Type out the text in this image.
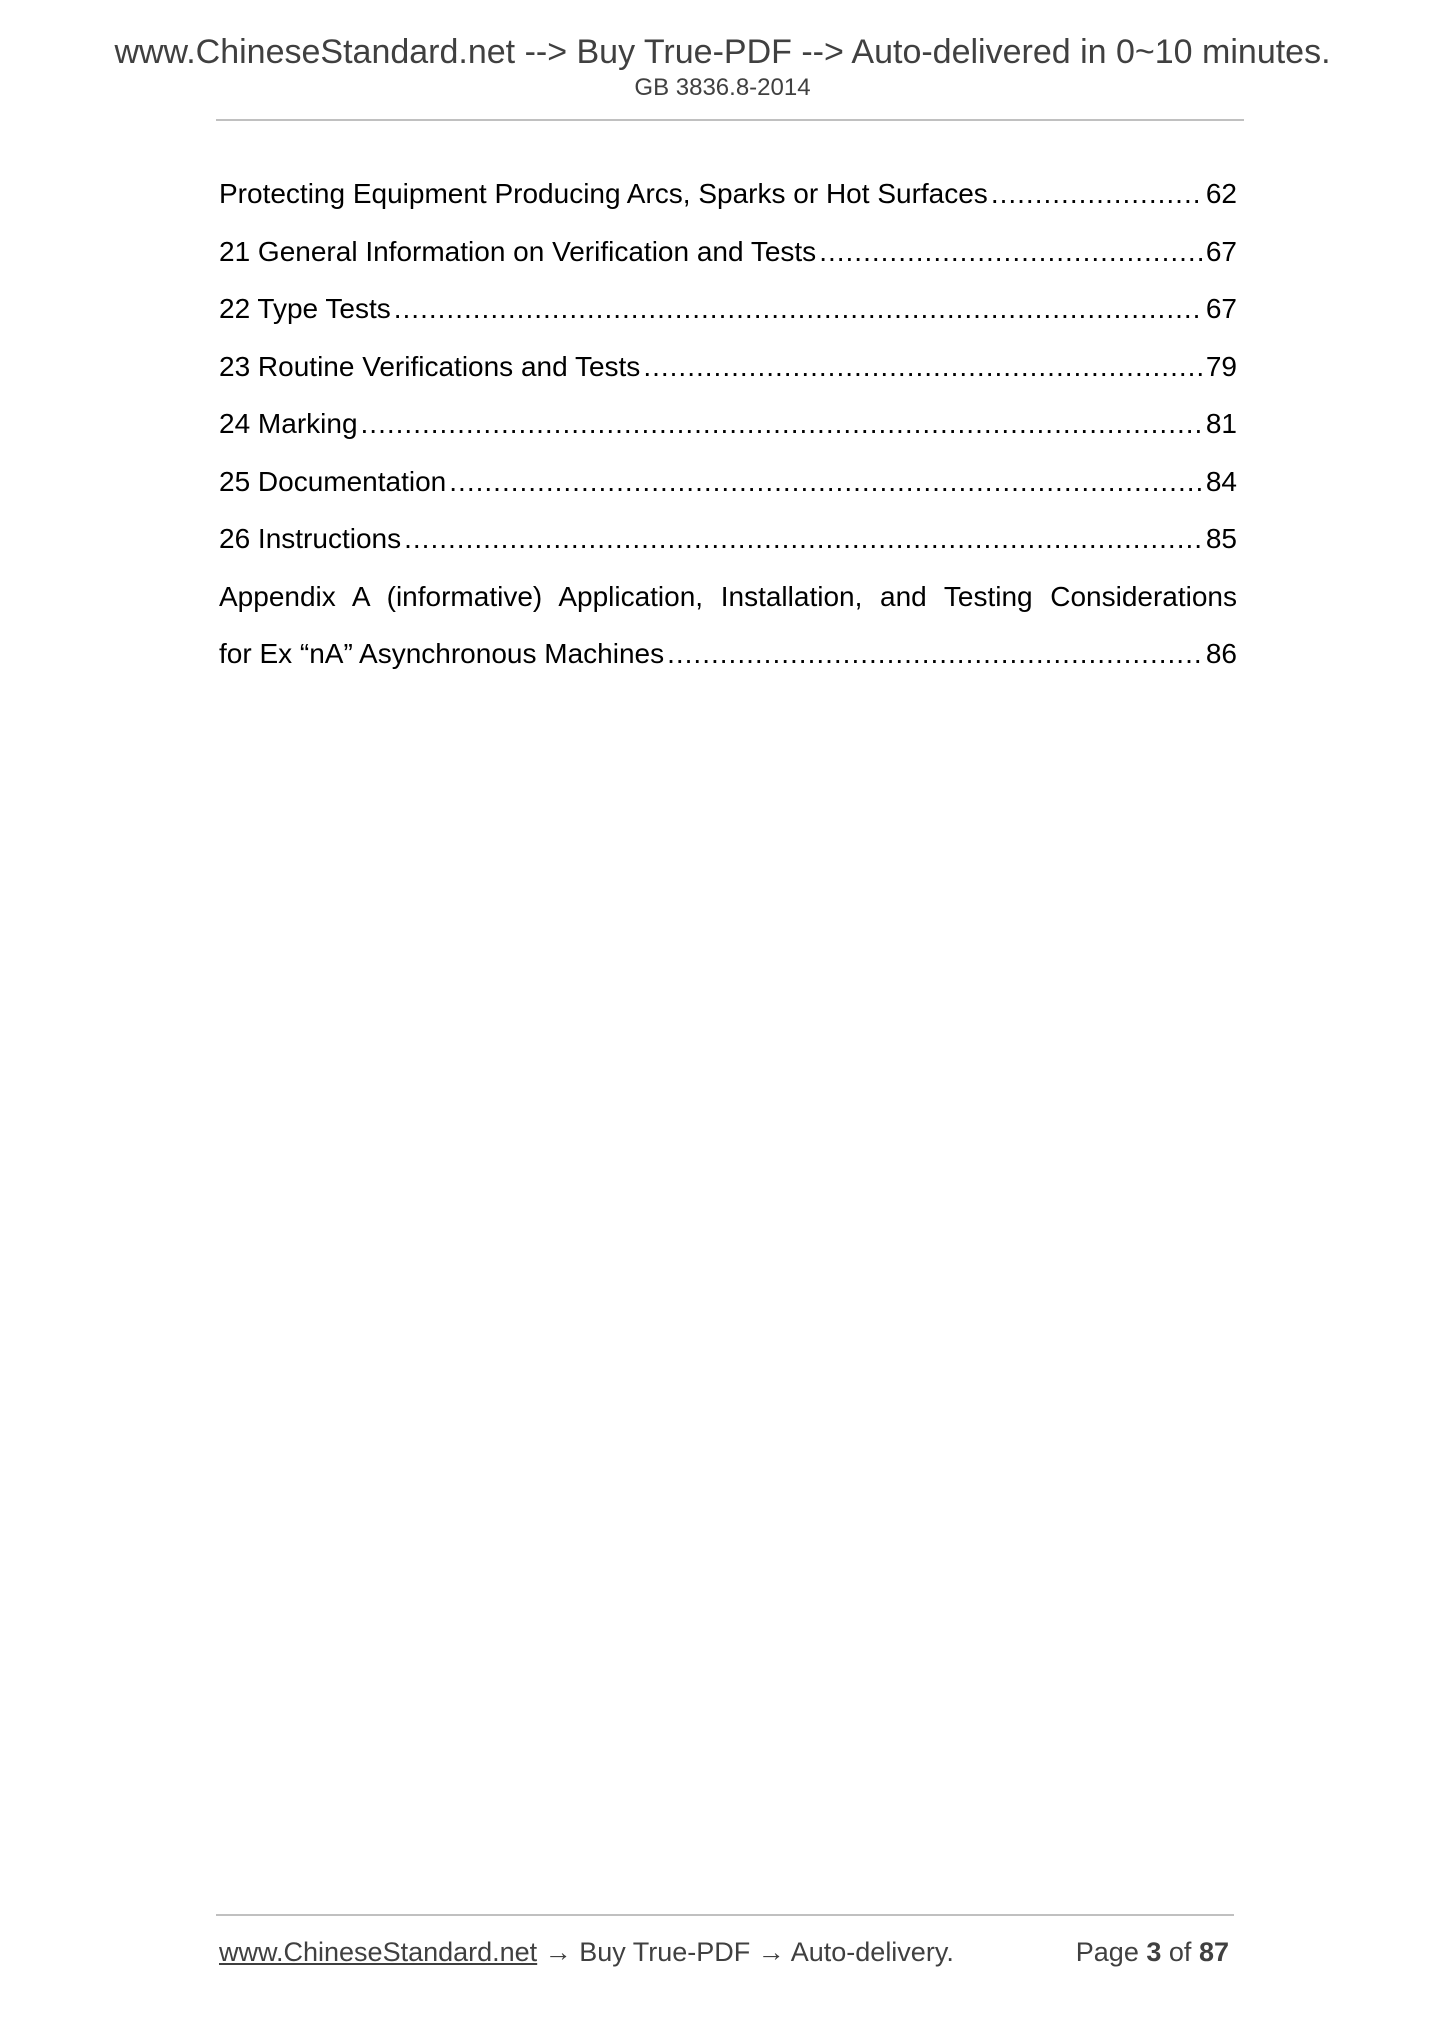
www.ChineseStandard.net --> Buy True-PDF --> Auto-delivered in 0~10 minutes.
GB 3836.8-2014
Protecting Equipment Producing Arcs, Sparks or Hot Surfaces .....	62
21 General Information on Verification and Tests .....	67
22 Type Tests .....	67
23 Routine Verifications and Tests .....	79
24 Marking .....	81
25 Documentation .....	84
26 Instructions .....	85
Appendix A (informative) Application, Installation, and Testing Considerations
for Ex “nA” Asynchronous Machines .....	86
www.ChineseStandard.net → Buy True-PDF → Auto-delivery.	Page 3 of 87
